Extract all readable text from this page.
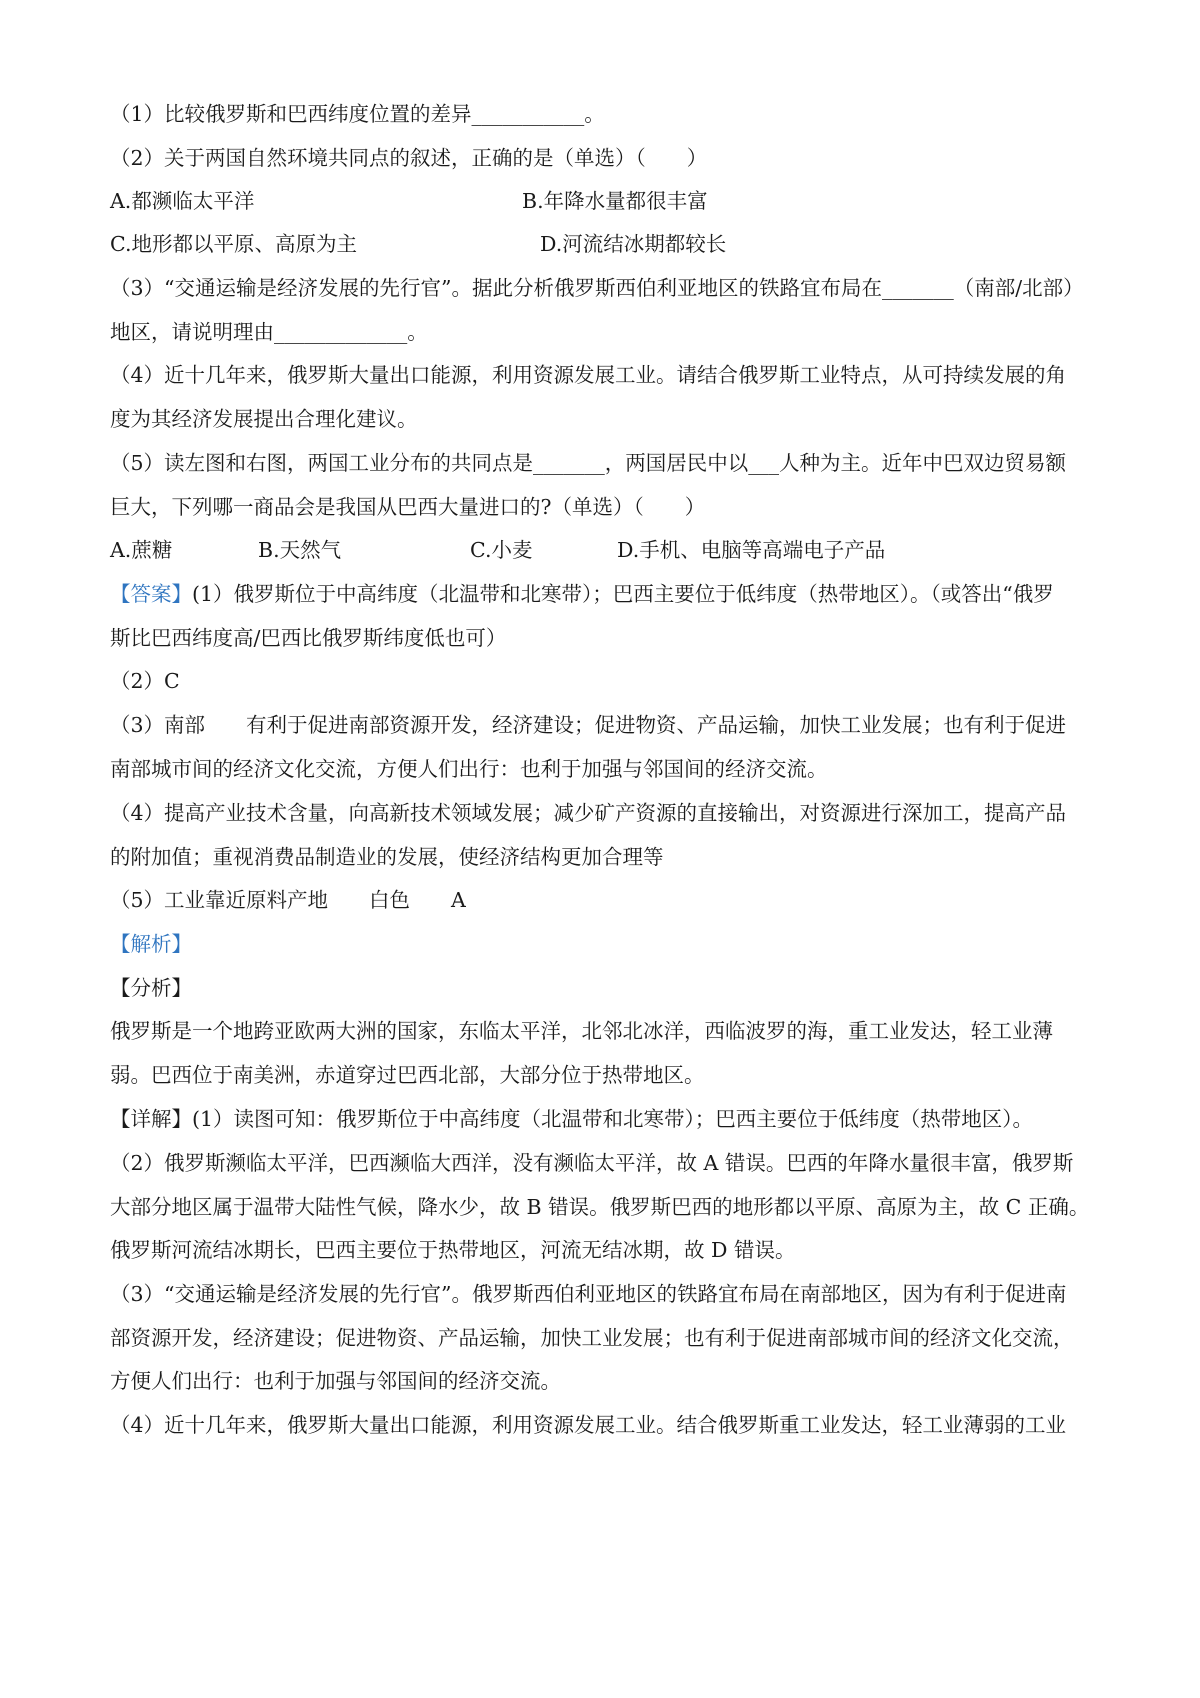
（1）比较俄罗斯和巴西纬度位置的差异___________。
（2）关于两国自然环境共同点的叙述，正确的是（单选）（　　）
A.都濒临太平洋	B.年降水量都很丰富
C.地形都以平原、高原为主	D.河流结冰期都较长
（3）“交通运输是经济发展的先行官”。据此分析俄罗斯西伯利亚地区的铁路宜布局在_______（南部/北部）
地区，请说明理由_____________。
（4）近十几年来，俄罗斯大量出口能源，利用资源发展工业。请结合俄罗斯工业特点，从可持续发展的角
度为其经济发展提出合理化建议。
（5）读左图和右图，两国工业分布的共同点是_______，两国居民中以___人种为主。近年中巴双边贸易额
巨大，下列哪一商品会是我国从巴西大量进口的?（单选）（　　）
A.蔗糖	B.天然气	C.小麦	D.手机、电脑等高端电子产品
【答案】(1）俄罗斯位于中高纬度（北温带和北寒带）；巴西主要位于低纬度（热带地区）。（或答出“俄罗
斯比巴西纬度高/巴西比俄罗斯纬度低也可）
（2）C
（3）南部　　有利于促进南部资源开发，经济建设；促进物资、产品运输，加快工业发展；也有利于促进
南部城市间的经济文化交流，方便人们出行：也利于加强与邻国间的经济交流。
（4）提高产业技术含量，向高新技术领域发展；减少矿产资源的直接输出，对资源进行深加工，提高产品
的附加值；重视消费品制造业的发展，使经济结构更加合理等
（5）工业靠近原料产地　　白色　　A
【解析】
【分析】
俄罗斯是一个地跨亚欧两大洲的国家，东临太平洋，北邻北冰洋，西临波罗的海，重工业发达，轻工业薄
弱。巴西位于南美洲，赤道穿过巴西北部，大部分位于热带地区。
【详解】(1）读图可知：俄罗斯位于中高纬度（北温带和北寒带）；巴西主要位于低纬度（热带地区）。
（2）俄罗斯濒临太平洋，巴西濒临大西洋，没有濒临太平洋，故 A 错误。巴西的年降水量很丰富，俄罗斯
大部分地区属于温带大陆性气候，降水少，故 B 错误。俄罗斯巴西的地形都以平原、高原为主，故 C 正确。
俄罗斯河流结冰期长，巴西主要位于热带地区，河流无结冰期，故 D 错误。
（3）“交通运输是经济发展的先行官”。俄罗斯西伯利亚地区的铁路宜布局在南部地区，因为有利于促进南
部资源开发，经济建设；促进物资、产品运输，加快工业发展；也有利于促进南部城市间的经济文化交流，
方便人们出行：也利于加强与邻国间的经济交流。
（4）近十几年来，俄罗斯大量出口能源，利用资源发展工业。结合俄罗斯重工业发达，轻工业薄弱的工业
